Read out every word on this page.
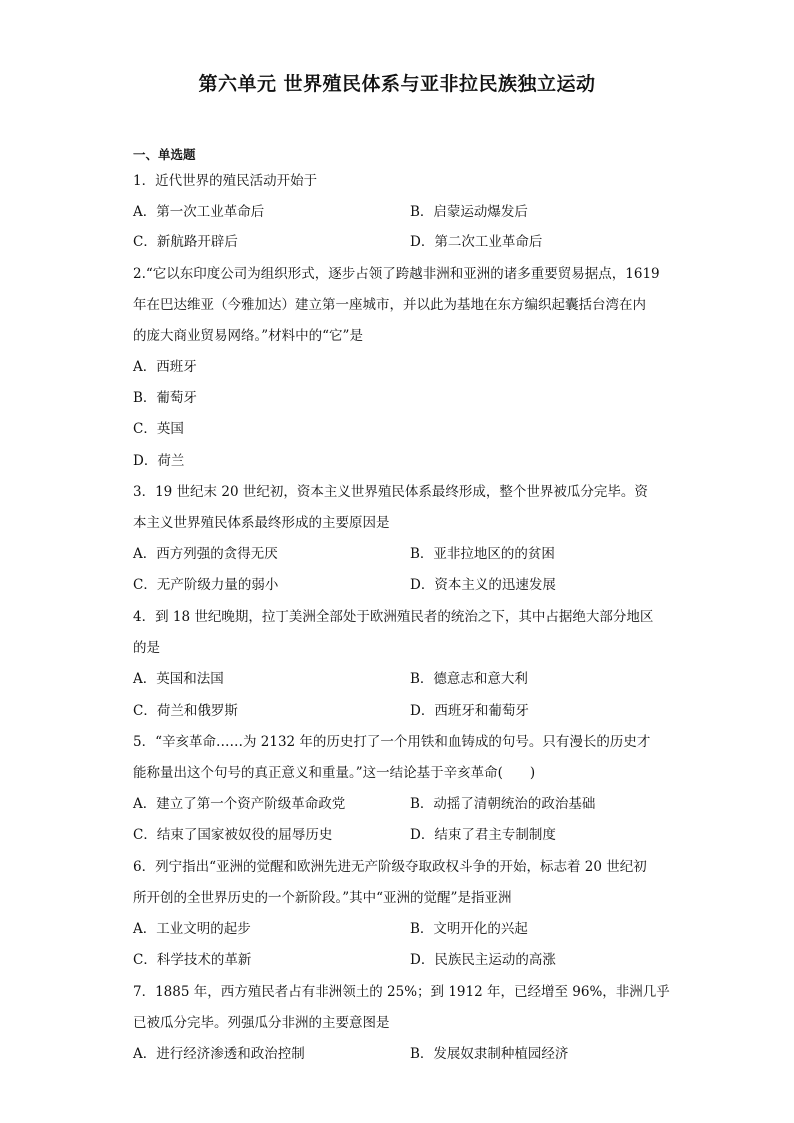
第六单元 世界殖民体系与亚非拉民族独立运动
一、单选题
1．近代世界的殖民活动开始于
A．第一次工业革命后	B．启蒙运动爆发后
C．新航路开辟后	D．第二次工业革命后
2.“它以东印度公司为组织形式，逐步占领了跨越非洲和亚洲的诸多重要贸易据点，1619
年在巴达维亚（今雅加达）建立第一座城市，并以此为基地在东方编织起囊括台湾在内
的庞大商业贸易网络。”材料中的“它”是
A．西班牙
B．葡萄牙
C．英国
D．荷兰
3．19 世纪末 20 世纪初，资本主义世界殖民体系最终形成，整个世界被瓜分完毕。资
本主义世界殖民体系最终形成的主要原因是
A．西方列强的贪得无厌	B．亚非拉地区的的贫困
C．无产阶级力量的弱小	D．资本主义的迅速发展
4．到 18 世纪晚期，拉丁美洲全部处于欧洲殖民者的统治之下，其中占据绝大部分地区
的是
A．英国和法国	B．德意志和意大利
C．荷兰和俄罗斯	D．西班牙和葡萄牙
5．“辛亥革命……为 2132 年的历史打了一个用铁和血铸成的句号。只有漫长的历史才
能称量出这个句号的真正意义和重量。”这一结论基于辛亥革命(　　)
A．建立了第一个资产阶级革命政党	B．动摇了清朝统治的政治基础
C．结束了国家被奴役的屈辱历史	D．结束了君主专制制度
6．列宁指出“亚洲的觉醒和欧洲先进无产阶级夺取政权斗争的开始，标志着 20 世纪初
所开创的全世界历史的一个新阶段。”其中“亚洲的觉醒”是指亚洲
A．工业文明的起步	B．文明开化的兴起
C．科学技术的革新	D．民族民主运动的高涨
7．1885 年，西方殖民者占有非洲领土的 25%；到 1912 年，已经增至 96%，非洲几乎
已被瓜分完毕。列强瓜分非洲的主要意图是
A．进行经济渗透和政治控制	B．发展奴隶制种植园经济
